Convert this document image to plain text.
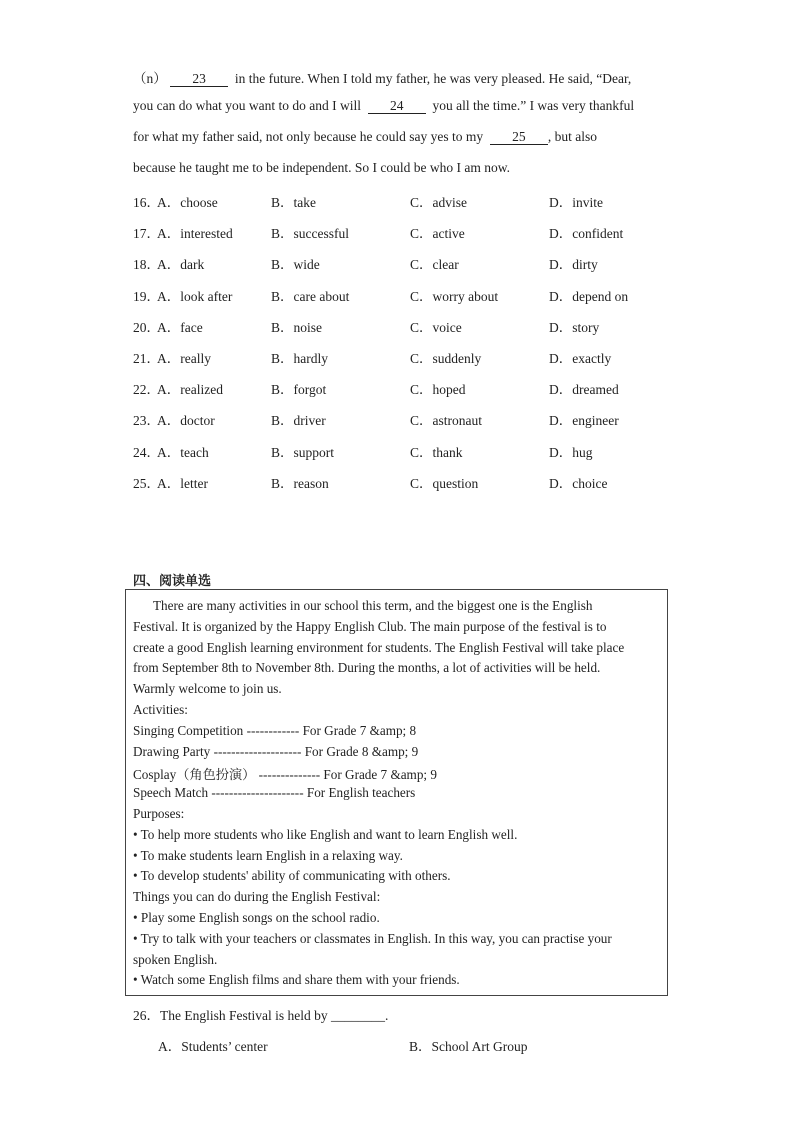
（n） 23 in the future. When I told my father, he was very pleased. He said, “Dear,
you can do what you want to do and I will 24 you all the time.” I was very thankful
for what my father said, not only because he could say yes to my 25 , but also
because he taught me to be independent. So I could be who I am now.
16．
A．choose	B．take	C．advise	D．invite
17．
A．interested	B．successful	C．active	D．confident
18．
A．dark	B．wide	C．clear	D．dirty
19．
A．look after	B．care about	C．worry about	D．depend on
20．
A．face	B．noise	C．voice	D．story
21．
A．really	B．hardly	C．suddenly	D．exactly
22．
A．realized	B．forgot	C．hoped	D．dreamed
23．
A．doctor	B．driver	C．astronaut	D．engineer
24．
A．teach	B．support	C．thank	D．hug
25．
A．letter	B．reason	C．question	D．choice
四、阅读单选
There are many activities in our school this term, and the biggest one is the English
Festival. It is organized by the Happy English Club. The main purpose of the festival is to
create a good English learning environment for students. The English Festival will take place
from September 8th to November 8th. During the months, a lot of activities will be held.
Warmly welcome to join us.
Activities:
Singing Competition ------------ For Grade 7 &amp; 8
Drawing Party -------------------- For Grade 8 &amp; 9
Cosplay（角色扮演） -------------- For Grade 7 &amp; 9
Speech Match --------------------- For English teachers
Purposes:
• To help more students who like English and want to learn English well.
• To make students learn English in a relaxing way.
• To develop students' ability of communicating with others.
Things you can do during the English Festival:
• Play some English songs on the school radio.
• Try to talk with your teachers or classmates in English. In this way, you can practise your
spoken English.
• Watch some English films and share them with your friends.
26．The English Festival is held by ________.
A．Students’ center	B．School Art Group
